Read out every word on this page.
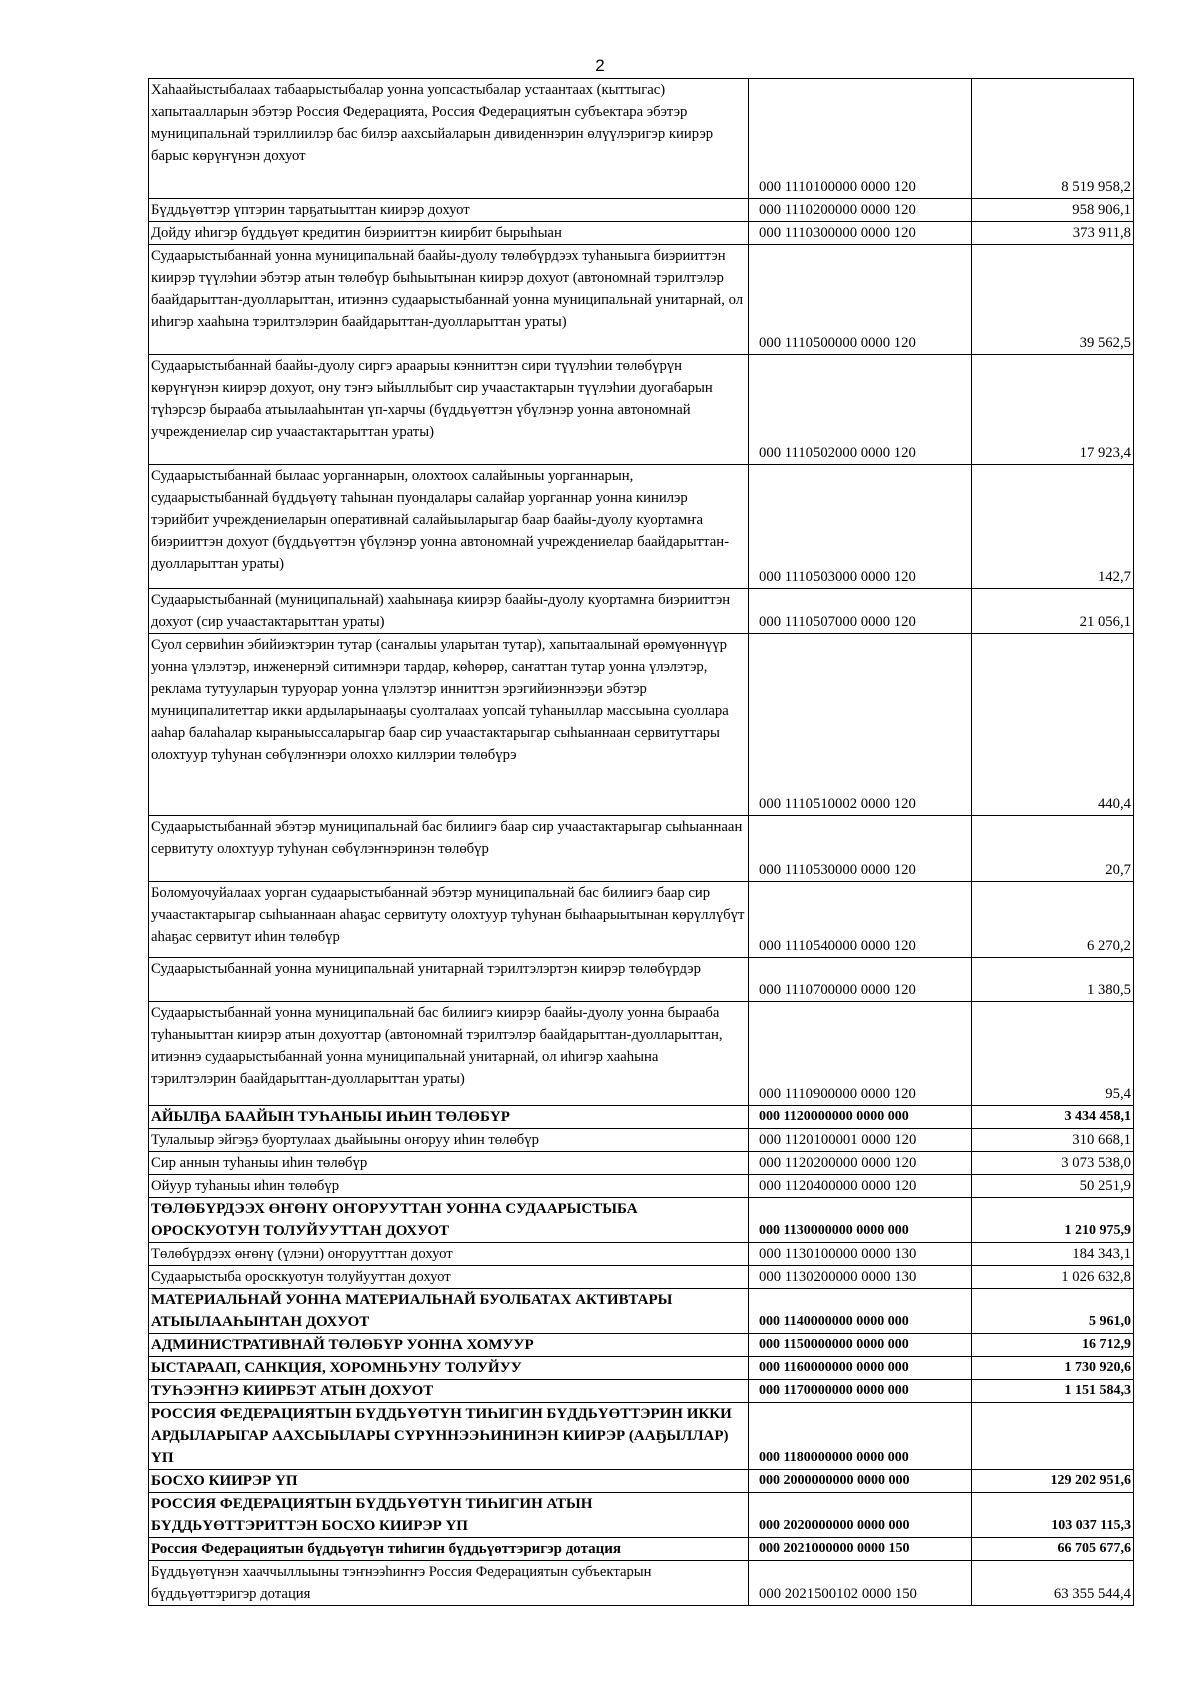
2
Хаһаайыстыбалаах табаарыстыбалар уонна уопсастыбалар устаантаах (кыттыгас) хапытаалларын эбэтэр Россия Федерацията, Россия Федерациятын субъектара эбэтэр муниципальнай тэриллиилэр бас билэр аахсыйаларын дивиденнэрин өлүүлэригэр киирэр барыс көрүҥүнэн дохуот	000 1110100000 0000 120	8 519 958,2
Бүддьүөттэр үптэрин тарҕатыыттан киирэр дохуот	000 1110200000 0000 120	958 906,1
Дойду иһигэр бүддьүөт кредитин биэрииттэн киирбит бырыһыан	000 1110300000 0000 120	373 911,8
Судаарыстыбаннай уонна муниципальнай баайы-дуолу төлөбүрдээх туһаныыга биэрииттэн киирэр түүлэһии эбэтэр атын төлөбүр быһыытынан киирэр дохуот (автономнай тэрилтэлэр баайдарыттан-дуолларыттан, итиэннэ судаарыстыбаннай уонна муниципальнай унитарнай, ол иһигэр хааһына тэрилтэлэрин баайдарыттан-дуолларыттан ураты)	000 1110500000 0000 120	39 562,5
Судаарыстыбаннай баайы-дуолу сиргэ араарыы кэнниттэн сири түүлэһии төлөбүрүн көрүҥүнэн киирэр дохуот, ону тэҥэ ыйыллыбыт сир учаастактарын түүлэһии дуогабарын түһэрсэр бырааба атыылааһынтан үп-харчы (бүддьүөттэн үбүлэнэр уонна автономнай учреждениелар сир учаастактарыттан ураты)	000 1110502000 0000 120	17 923,4
Судаарыстыбаннай былаас уорганнарын, олохтоох салайыныы уорганнарын, судаарыстыбаннай бүддьүөтү таһынан пуондалары салайар уорганнар уонна кинилэр тэрийбит учреждениеларын оперативнай салайыыларыгар баар баайы-дуолу куортамҥа биэрииттэн дохуот (бүддьүөттэн үбүлэнэр уонна автономнай учреждениелар баайдарыттан-дуолларыттан ураты)	000 1110503000 0000 120	142,7
Судаарыстыбаннай (муниципальнай) хааһынаҕа киирэр баайы-дуолу куортамҥа биэрииттэн дохуот (сир учаастактарыттан ураты)	000 1110507000 0000 120	21 056,1
Суол сервиһин эбийиэктэрин тутар (саҥалыы уларытан тутар), хапытаалынай өрөмүөннүүр уонна үлэлэтэр, инженернэй ситимнэри тардар, көһөрөр, саҥаттан тутар уонна үлэлэтэр, реклама тутууларын туруорар уонна үлэлэтэр инниттэн эрэгийиэннээҕи эбэтэр муниципалитеттар икки ардыларынааҕы суолталаах уопсай туһаныллар массыына суоллара ааһар балаһалар кыраныыссаларыгар баар сир учаастактарыгар сыһыаннаан сервитуттары олохтуур туһунан сөбүлэҥнэри олоххо киллэрии төлөбүрэ	000 1110510002 0000 120	440,4
Судаарыстыбаннай эбэтэр муниципальнай бас билиигэ баар сир учаастактарыгар сыһыаннаан сервитуту олохтуур туһунан сөбүлэҥнэринэн төлөбүр	000 1110530000 0000 120	20,7
Боломуочуйалаах уорган судаарыстыбаннай эбэтэр муниципальнай бас билиигэ баар сир учаастактарыгар сыһыаннаан аһаҕас сервитуту олохтуур туһунан быһаарыытынан көрүллүбүт аһаҕас сервитут иһин төлөбүр	000 1110540000 0000 120	6 270,2
Судаарыстыбаннай уонна муниципальнай унитарнай тэрилтэлэртэн киирэр төлөбүрдэр	000 1110700000 0000 120	1 380,5
Судаарыстыбаннай уонна муниципальнай бас билиигэ киирэр баайы-дуолу уонна бырааба туһаныыттан киирэр атын дохуоттар (автономнай тэрилтэлэр баайдарыттан-дуолларыттан, итиэннэ судаарыстыбаннай уонна муниципальнай унитарнай, ол иһигэр хааһына тэрилтэлэрин баайдарыттан-дуолларыттан ураты)	000 1110900000 0000 120	95,4
АЙЫЛҔА БААЙЫН ТУҺАНЫЫ ИҺИН ТӨЛӨБҮР	000 1120000000 0000 000	3 434 458,1
Тулалыыр эйгэҕэ буортулаах дьайыыны оҥоруу иһин төлөбүр	000 1120100001 0000 120	310 668,1
Сир аннын туһаныы иһин төлөбүр	000 1120200000 0000 120	3 073 538,0
Ойуур туһаныы иһин төлөбүр	000 1120400000 0000 120	50 251,9
ТӨЛӨБҮРДЭЭХ ӨҤӨНҮ ОҤОРУУТТАН УОННА СУДААРЫСТЫБА ОРОСКУОТУН ТОЛУЙУУТТАН ДОХУОТ	000 1130000000 0000 000	1 210 975,9
Төлөбүрдээх өҥөнү (үлэни) оҥоруутттан дохуот	000 1130100000 0000 130	184 343,1
Судаарыстыба оросккуотун толуйууттан дохуот	000 1130200000 0000 130	1 026 632,8
МАТЕРИАЛЬНАЙ УОННА МАТЕРИАЛЬНАЙ БУОЛБАТАХ АКТИВТАРЫ АТЫЫЛААҺЫНТАН ДОХУОТ	000 1140000000 0000 000	5 961,0
АДМИНИСТРАТИВНАЙ ТӨЛӨБҮР УОННА ХОМУУР	000 1150000000 0000 000	16 712,9
ЫСТАРААП, САНКЦИЯ, ХОРОМНЬУНУ ТОЛУЙУУ	000 1160000000 0000 000	1 730 920,6
ТУҺЭЭҤНЭ КИИРБЭТ АТЫН ДОХУОТ	000 1170000000 0000 000	1 151 584,3
РОССИЯ ФЕДЕРАЦИЯТЫН БҮДДЬҮӨТҮН ТИҺИГИН БҮДДЬҮӨТТЭРИН ИККИ АРДЫЛАРЫГАР ААХСЫЫЛАРЫ СҮРҮННЭЭҺИНИНЭН КИИРЭР (ААҔЫЛЛАР) ҮП	000 1180000000 0000 000	
БОСХО КИИРЭР ҮП	000 2000000000 0000 000	129 202 951,6
РОССИЯ ФЕДЕРАЦИЯТЫН БҮДДЬҮӨТҮН ТИҺИГИН АТЫН БҮДДЬҮӨТТЭРИТТЭН БОСХО КИИРЭР ҮП	000 2020000000 0000 000	103 037 115,3
Россия Федерациятын бүддьүөтүн тиһигин бүддьүөттэригэр дотация	000 2021000000 0000 150	66 705 677,6
Бүддьүөтүнэн хааччыллыыны тэҥнээһиҥҥэ Россия Федерациятын субъектарын бүддьүөттэригэр дотация	000 2021500102 0000 150	63 355 544,4
